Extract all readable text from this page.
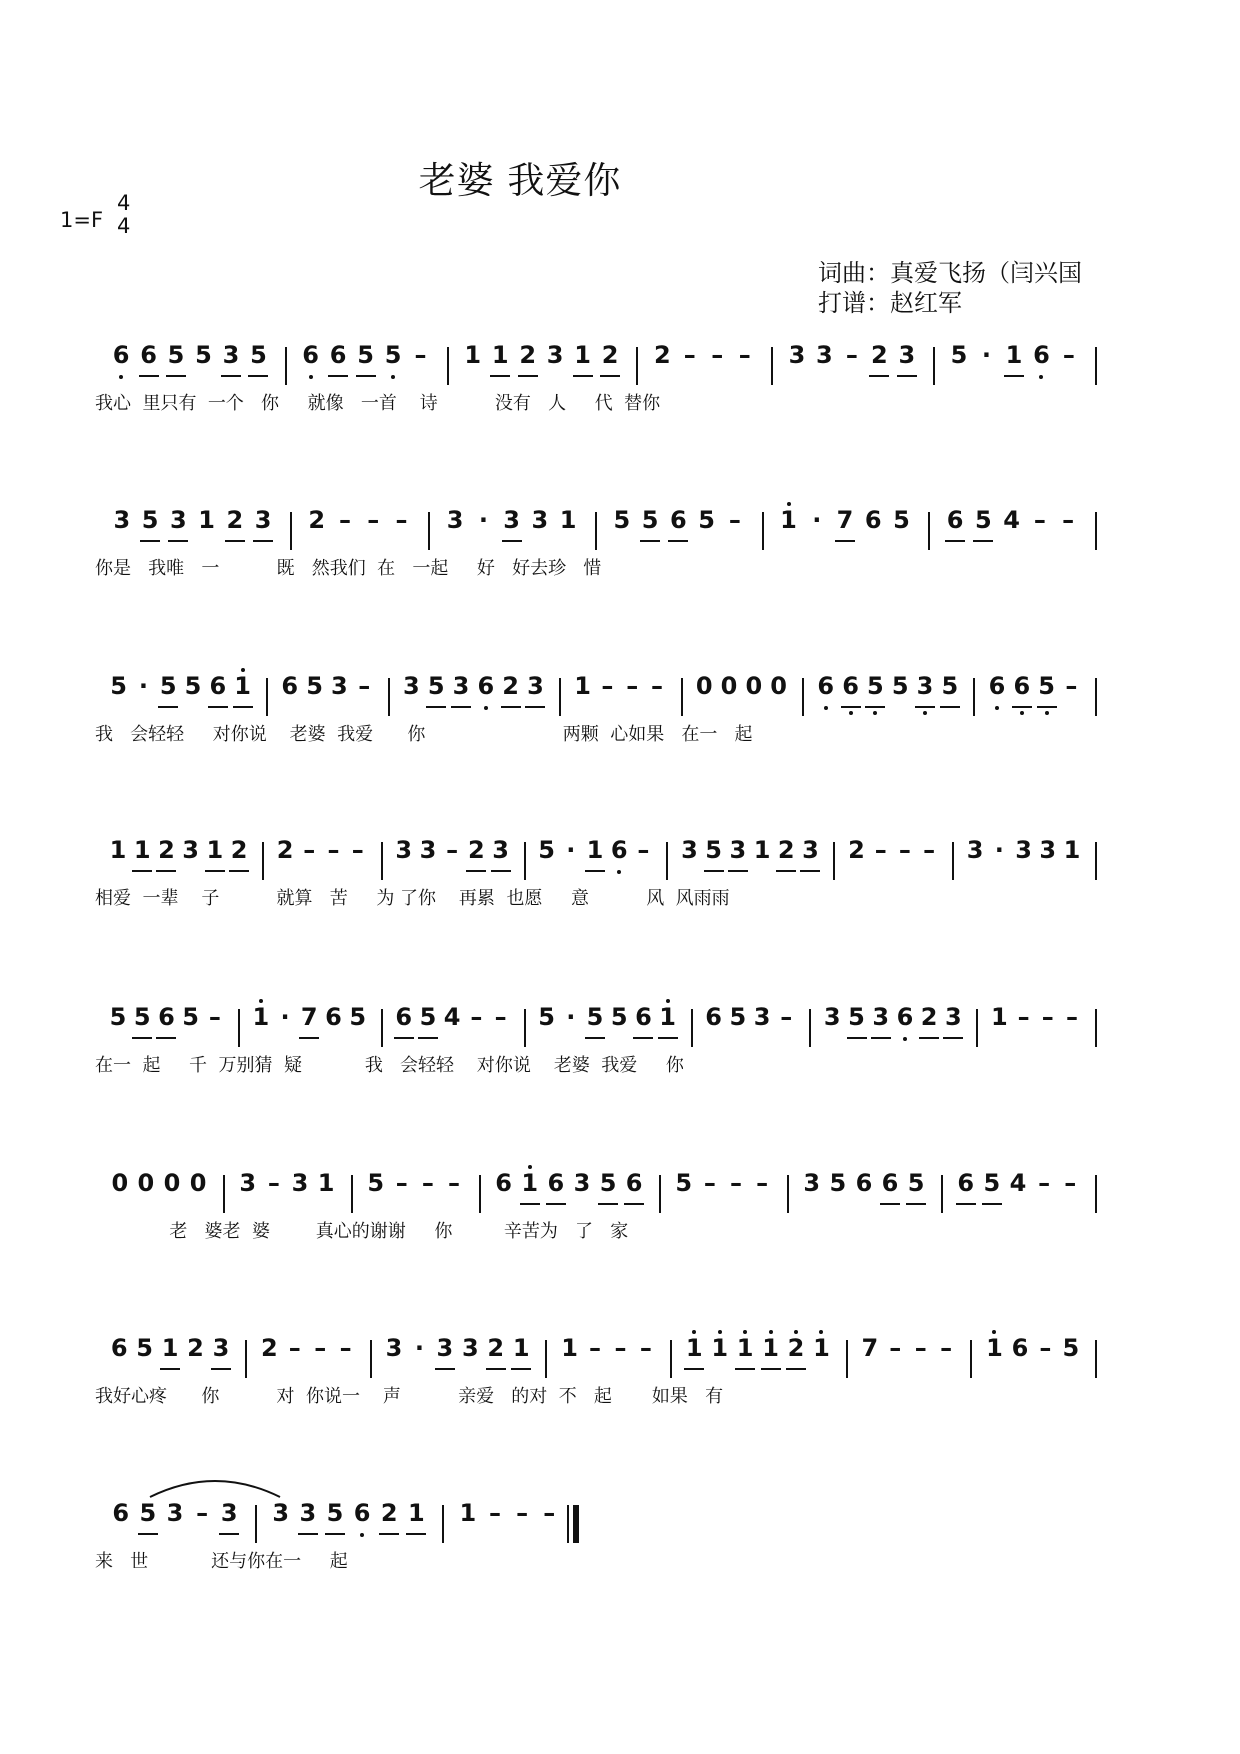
老婆 我爱你
1=F
4
4
词曲：真爱飞扬（闫兴国
打谱：赵红军
6 6 5 5 3 5 6 6 5 5 – 1 1 2 3 1 2 2 – – – 3 3 – 2 3 5 · 1 6 –
我心  里只有  一个   你     就像   一首    诗          没有   人     代  替你
3 5 3 1 2 3 2 – – – 3 · 3 3 1 5 5 6 5 – 1 · 7 6 5 6 5 4 – –
你是   我唯   一          既   然我们  在   一起     好   好去珍   惜
5 · 5 5 6 1 6 5 3 – 3 5 3 6 2 3 1 – – – 0 0 0 0 6 6 5 5 3 5 6 6 5 –
我   会轻轻     对你说    老婆  我爱      你                        两颗  心如果   在一   起
1 1 2 3 1 2 2 – – – 3 3 – 2 3 5 · 1 6 – 3 5 3 1 2 3 2 – – – 3 · 3 3 1
相爱  一辈    子          就算   苦     为 了你    再累  也愿     意          风  风雨雨
5 5 6 5 – 1 · 7 6 5 6 5 4 – – 5 · 5 5 6 1 6 5 3 – 3 5 3 6 2 3 1 – – –
在一  起     千  万别猜  疑           我   会轻轻    对你说    老婆  我爱     你
0 0 0 0 3 – 3 1 5 – – – 6 1 6 3 5 6 5 – – – 3 5 6 6 5 6 5 4 – –
老   婆老  婆        真心的谢谢     你         辛苦为   了   家
6 5 1 2 3 2 – – – 3 · 3 3 2 1 1 – – – 1 1 1 1 2 1 7 – – – 1 6 – 5
我好心疼      你          对  你说一    声          亲爱   的对  不   起       如果   有
6 5 3 – 3 3 3 5 6 2 1 1 – – –
来   世           还与你在一     起
